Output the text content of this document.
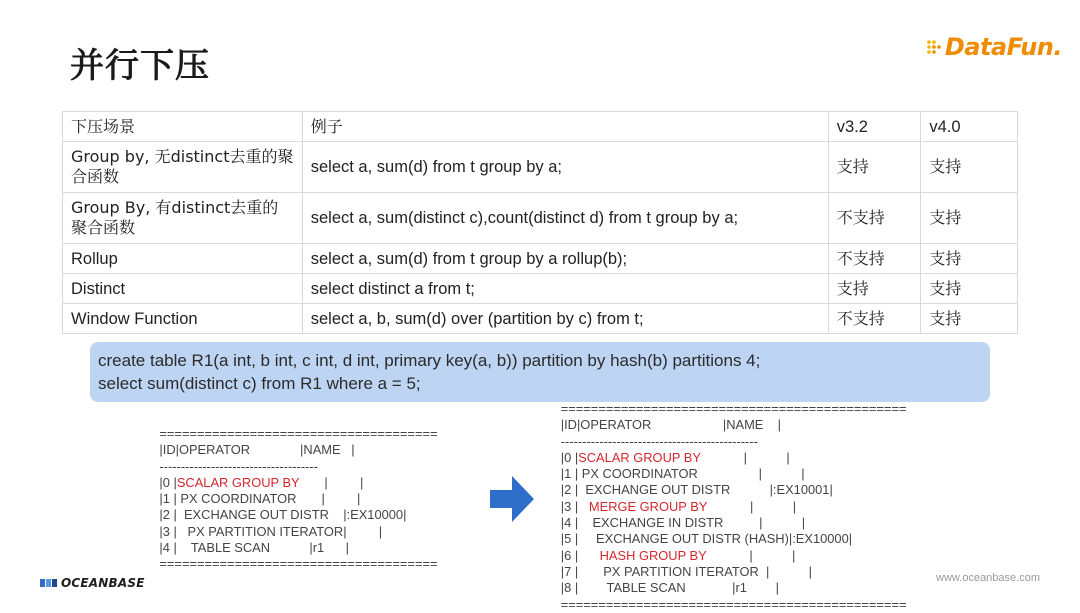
并行下压	DataFun.
下压场景	例子	v3.2	v4.0
Group by, 无distinct去重的聚合函数	select a, sum(d) from t group by a;	支持	支持
Group By, 有distinct去重的聚合函数	select a, sum(distinct c),count(distinct d) from t group by a;	不支持	支持
Rollup	select a, sum(d) from t group by a rollup(b);	不支持	支持
Distinct	select distinct a from t;	支持	支持
Window Function	select a, b, sum(d) over (partition by c) from t;	不支持	支持
create table R1(a int, b int, c int, d int, primary key(a, b)) partition by hash(b) partitions 4;
select sum(distinct c) from R1 where a = 5;
=====================================
|ID|OPERATOR              |NAME   |
-------------------------------------
|0 |SCALAR GROUP BY       |         |
|1 | PX COORDINATOR       |         |
|2 |  EXCHANGE OUT DISTR    |:EX10000|
|3 |   PX PARTITION ITERATOR|         |
|4 |    TABLE SCAN           |r1      |
=====================================
==============================================
|ID|OPERATOR                    |NAME    |
----------------------------------------------
|0 |SCALAR GROUP BY            |           |
|1 | PX COORDINATOR                 |           |
|2 |  EXCHANGE OUT DISTR           |:EX10001|
|3 |   MERGE GROUP BY            |           |
|4 |    EXCHANGE IN DISTR          |           |
|5 |     EXCHANGE OUT DISTR (HASH)|:EX10000|
|6 |      HASH GROUP BY            |           |
|7 |       PX PARTITION ITERATOR  |           |
|8 |        TABLE SCAN             |r1        |
==============================================
OCEANBASE	www.oceanbase.com
